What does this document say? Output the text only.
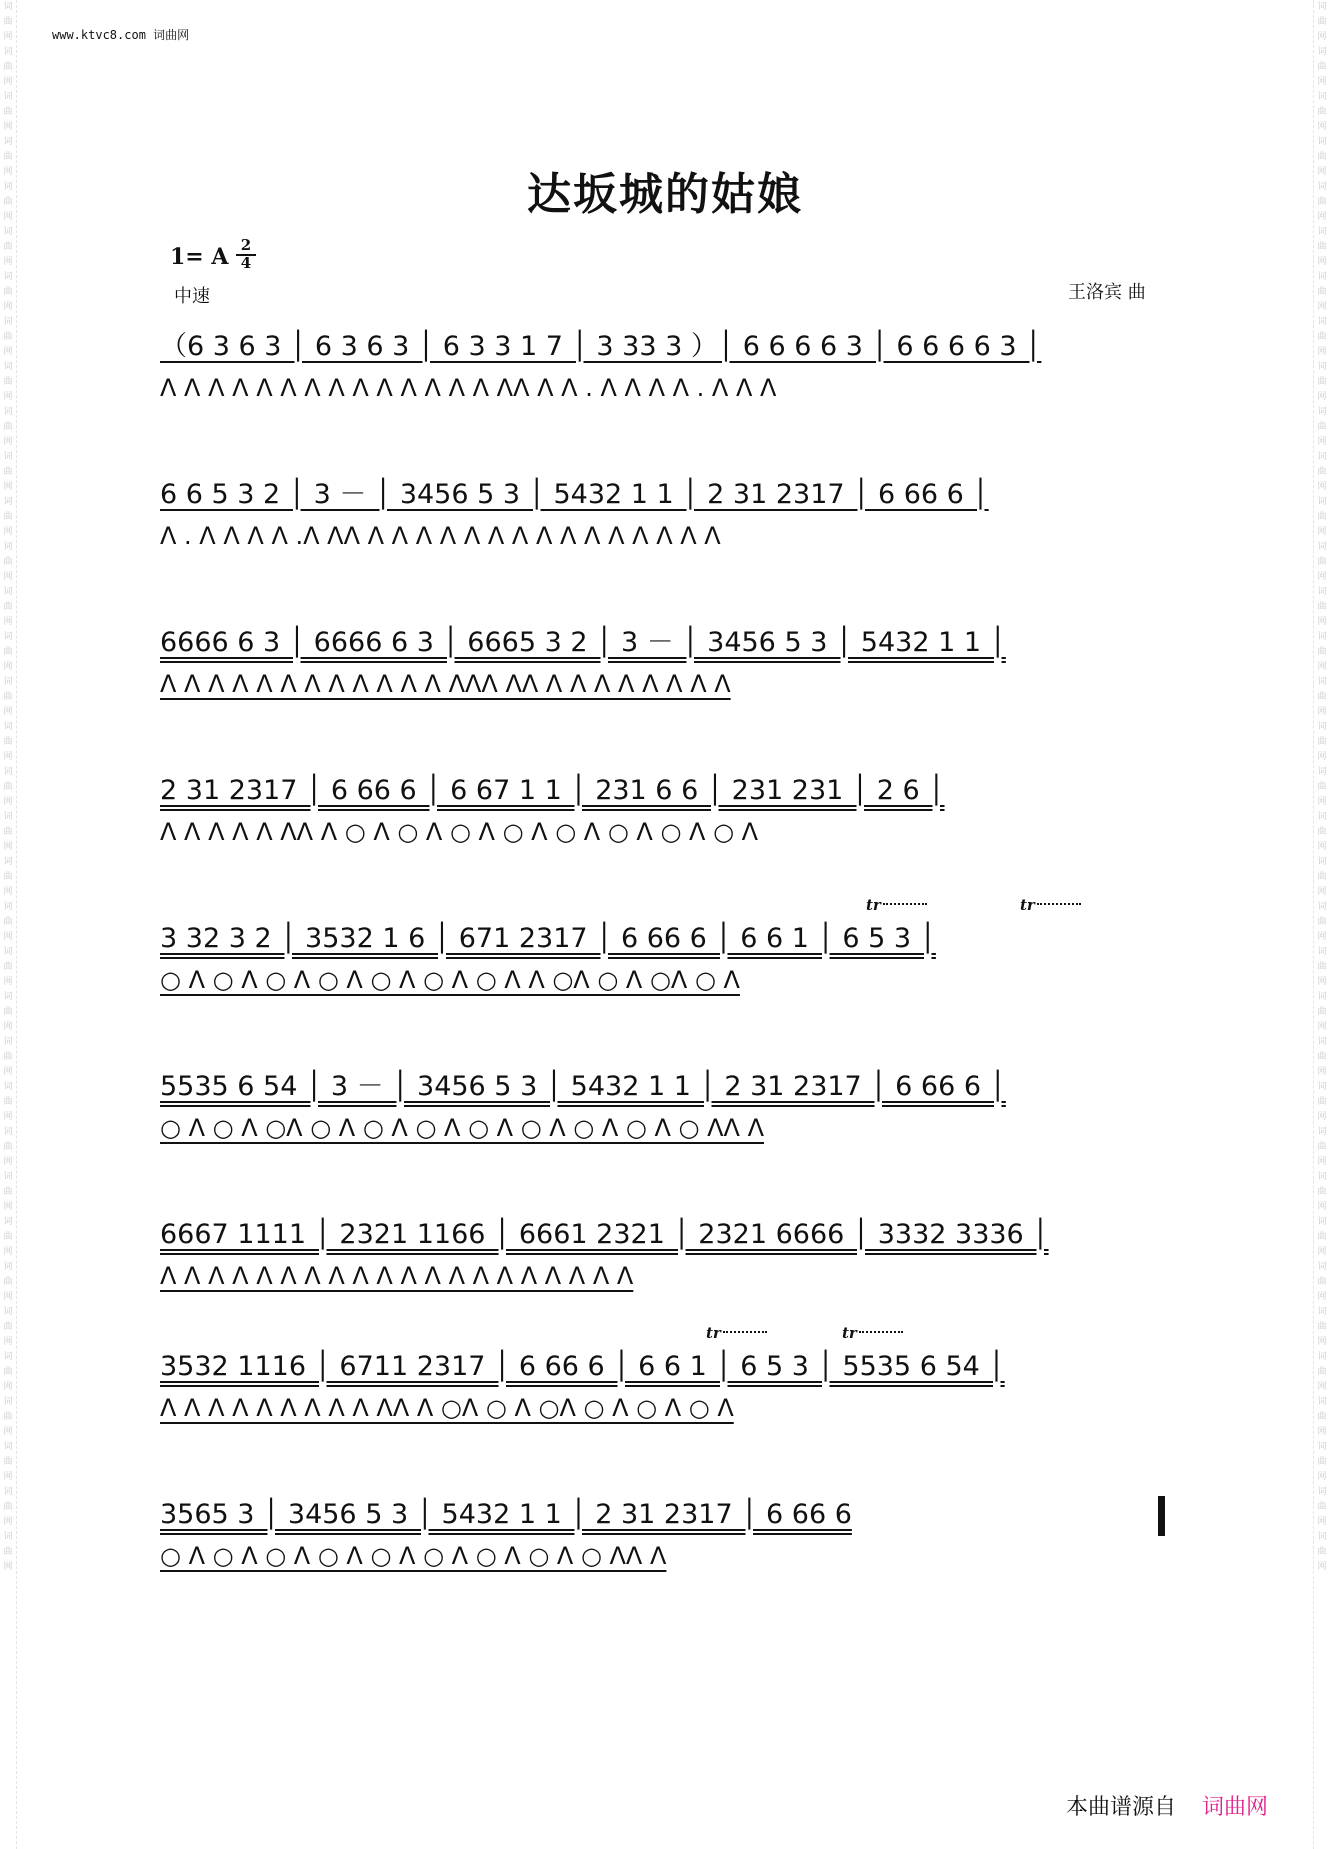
词曲网词曲网词曲网词曲网词曲网词曲网词曲网词曲网词曲网词曲网词曲网词曲网词曲网词曲网词曲网词曲网词曲网词曲网词曲网词曲网词曲网词曲网词曲网词曲网词曲网词曲网词曲网词曲网词曲网词曲网词曲网词曲网词曲网词曲网词曲网
词曲网词曲网词曲网词曲网词曲网词曲网词曲网词曲网词曲网词曲网词曲网词曲网词曲网词曲网词曲网词曲网词曲网词曲网词曲网词曲网词曲网词曲网词曲网词曲网词曲网词曲网词曲网词曲网词曲网词曲网词曲网词曲网词曲网词曲网词曲网
www.ktvc8.com 词曲网
达坂城的姑娘
1= A 2
4
中速	王洛宾 曲
（6 3 6 3 │ 6 3 6 3 │ 6 3 3 1 7 │ 3 33 3 ）│ 6 6 6 6 3 │ 6 6 6 6 3 │
Λ Λ Λ Λ Λ Λ Λ Λ Λ Λ Λ Λ Λ Λ ΛΛ Λ Λ . Λ Λ Λ Λ . Λ Λ Λ
6 6 5 3 2 │ 3 － │ 3456 5 3 │ 5432 1 1 │ 2 31 2317 │ 6 66 6 │
Λ . Λ Λ Λ Λ .Λ ΛΛ Λ Λ Λ Λ Λ Λ Λ Λ Λ Λ Λ Λ Λ Λ Λ
6666 6 3 │ 6666 6 3 │ 6665 3 2 │ 3 － │ 3456 5 3 │ 5432 1 1 │
Λ Λ Λ Λ Λ Λ Λ Λ Λ Λ Λ Λ ΛΛΛ ΛΛ Λ Λ Λ Λ Λ Λ Λ Λ
2 31 2317 │ 6 66 6 │ 6 67 1 1 │ 231 6 6 │ 231 231 │ 2 6 │
Λ Λ Λ Λ Λ ΛΛ Λ ○ Λ ○ Λ ○ Λ ○ Λ ○ Λ ○ Λ ○ Λ ○ Λ
3 32 3 2 │ 3532 1 6 │ 671 2317 │ 6 66 6 │ 6 6 1 │ 6 5 3 │
○ Λ ○ Λ ○ Λ ○ Λ ○ Λ ○ Λ ○ Λ Λ ○Λ ○ Λ ○Λ ○ Λ
5535 6 54 │ 3 － │ 3456 5 3 │ 5432 1 1 │ 2 31 2317 │ 6 66 6 │
○ Λ ○ Λ ○Λ ○ Λ ○ Λ ○ Λ ○ Λ ○ Λ ○ Λ ○ Λ ○ ΛΛ Λ
6667 1111 │ 2321 1166 │ 6661 2321 │ 2321 6666 │ 3332 3336 │
Λ Λ Λ Λ Λ Λ Λ Λ Λ Λ Λ Λ Λ Λ Λ Λ Λ Λ Λ Λ
3532 1116 │ 6711 2317 │ 6 66 6 │ 6 6 1 │ 6 5 3 │ 5535 6 54 │
Λ Λ Λ Λ Λ Λ Λ Λ Λ ΛΛ Λ ○Λ ○ Λ ○Λ ○ Λ ○ Λ ○ Λ
3565 3 │ 3456 5 3 │ 5432 1 1 │ 2 31 2317 │ 6 66 6
○ Λ ○ Λ ○ Λ ○ Λ ○ Λ ○ Λ ○ Λ ○ Λ ○ ΛΛ Λ
tr	tr
tr	tr
本曲谱源自 词曲网
